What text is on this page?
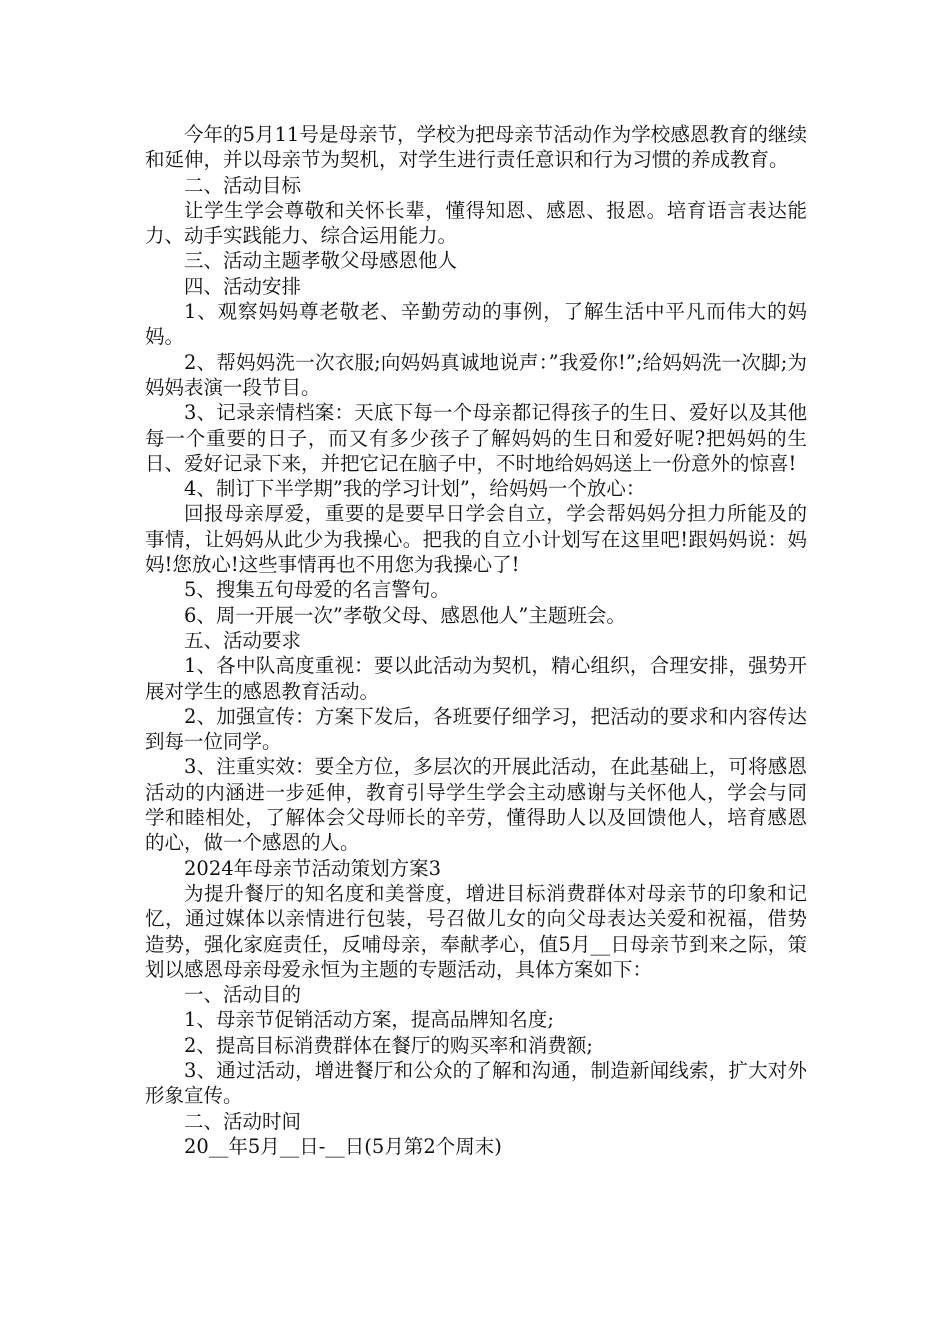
今年的5月11号是母亲节，学校为把母亲节活动作为学校感恩教育的继续和延伸，并以母亲节为契机，对学生进行责任意识和行为习惯的养成教育。

二、活动目标

让学生学会尊敬和关怀长辈，懂得知恩、感恩、报恩。培育语言表达能力、动手实践能力、综合运用能力。

三、活动主题孝敬父母感恩他人

四、活动安排

1、观察妈妈尊老敬老、辛勤劳动的事例，了解生活中平凡而伟大的妈妈。

2、帮妈妈洗一次衣服;向妈妈真诚地说声：”我爱你!”;给妈妈洗一次脚;为妈妈表演一段节目。

3、记录亲情档案：天底下每一个母亲都记得孩子的生日、爱好以及其他每一个重要的日子，而又有多少孩子了解妈妈的生日和爱好呢?把妈妈的生日、爱好记录下来，并把它记在脑子中，不时地给妈妈送上一份意外的惊喜!

4、制订下半学期”我的学习计划”，给妈妈一个放心：

回报母亲厚爱，重要的是要早日学会自立，学会帮妈妈分担力所能及的事情，让妈妈从此少为我操心。把我的自立小计划写在这里吧!跟妈妈说：妈妈!您放心!这些事情再也不用您为我操心了!

5、搜集五句母爱的名言警句。

6、周一开展一次”孝敬父母、感恩他人”主题班会。

五、活动要求

1、各中队高度重视：要以此活动为契机，精心组织，合理安排，强势开展对学生的感恩教育活动。

2、加强宣传：方案下发后，各班要仔细学习，把活动的要求和内容传达到每一位同学。

3、注重实效：要全方位，多层次的开展此活动，在此基础上，可将感恩活动的内涵进一步延伸，教育引导学生学会主动感谢与关怀他人，学会与同学和睦相处，了解体会父母师长的辛劳，懂得助人以及回馈他人，培育感恩的心，做一个感恩的人。

2024年母亲节活动策划方案3

为提升餐厅的知名度和美誉度，增进目标消费群体对母亲节的印象和记忆，通过媒体以亲情进行包装，号召做儿女的向父母表达关爱和祝福，借势造势，强化家庭责任，反哺母亲，奉献孝心，值5月__日母亲节到来之际，策划以感恩母亲母爱永恒为主题的专题活动，具体方案如下：

一、活动目的

1、母亲节促销活动方案，提高品牌知名度;

2、提高目标消费群体在餐厅的购买率和消费额;

3、通过活动，增进餐厅和公众的了解和沟通，制造新闻线索，扩大对外形象宣传。

二、活动时间

20__年5月__日-__日(5月第2个周末)
